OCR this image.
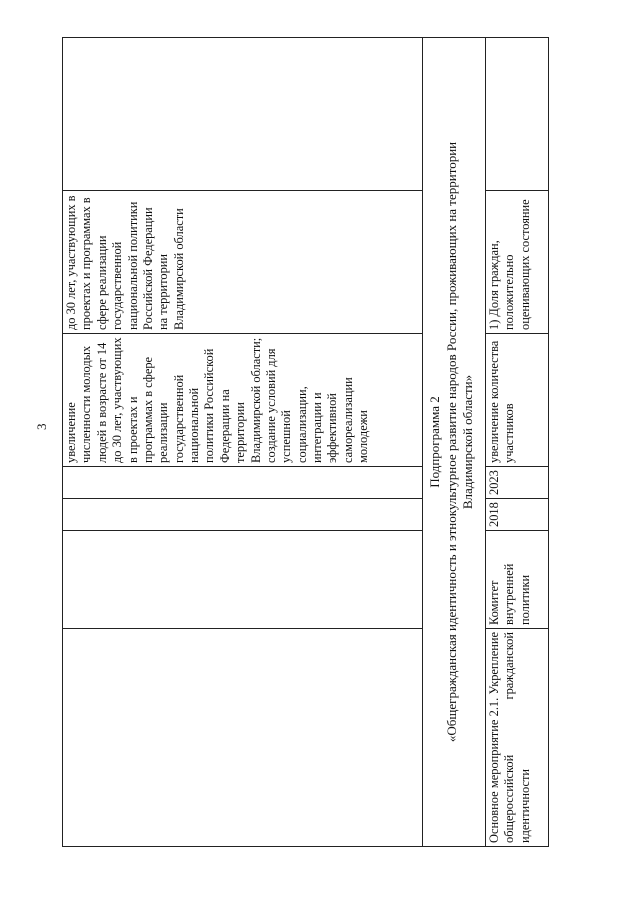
3
				увеличение численности молодых людей в возрасте от 14 до 30 лет, участвующих в проектах и программах в сфере реализации государственной национальной политики Российской Федерации на территории Владимирской области; создание условий для успешной социализации, интеграции и эффективной самореализации молодежи	до 30 лет, участвующих в проектах и программах в сфере реализации государственной национальной политики Российской Федерации на территории Владимирской области	

Подпрограмма 2 «Общегражданская идентичность и этнокультурное развитие народов России, проживающих на территории Владимирской области»						

Основное мероприятие 2.1. Укрепление общероссийской гражданской идентичности	Комитет внутренней политики	2018	2023	увеличение количества участников	1) Доля граждан, положительно оценивающих состояние	
